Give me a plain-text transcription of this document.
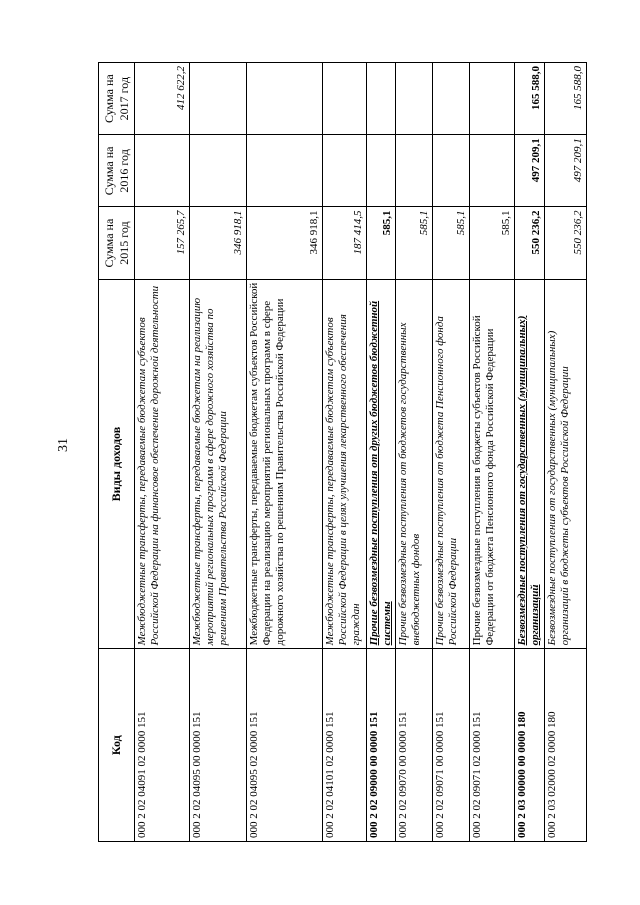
31
Код	Виды доходов	Сумма на 2015 год	Сумма на 2016 год	Сумма на 2017 год
000 2 02 04091 02 0000 151	Межбюджетные трансферты, передаваемые бюджетам субъектов Российской Федерации на финансовое обеспечение дорожной деятельности	157 265,7		412 622,2
000 2 02 04095 00 0000 151	Межбюджетные трансферты, передаваемые бюджетам на реализацию мероприятий региональных программ в сфере дорожного хозяйства по решениям Правительства Российской Федерации	346 918,1		
000 2 02 04095 02 0000 151	Межбюджетные трансферты, передаваемые бюджетам субъектов Российской Федерации на реализацию мероприятий региональных программ в сфере дорожного хозяйства по решениям Правительства Российской Федерации	346 918,1		
000 2 02 04101 02 0000 151	Межбюджетные трансферты, передаваемые бюджетам субъектов Российской Федерации в целях улучшения лекарственного обеспечения граждан	187 414,5		
000 2 02 09000 00 0000 151	Прочие безвозмездные поступления от других бюджетов бюджетной системы	585,1		
000 2 02 09070 00 0000 151	Прочие безвозмездные поступления от бюджетов государственных внебюджетных фондов	585,1		
000 2 02 09071 00 0000 151	Прочие безвозмездные поступления от бюджета Пенсионного фонда Российской Федерации	585,1		
000 2 02 09071 02 0000 151	Прочие безвозмездные поступления в бюджеты субъектов Российской Федерации от бюджета Пенсионного фонда Российской Федерации	585,1		
000 2 03 00000 00 0000 180	Безвозмездные поступления от государственных (муниципальных) организаций	550 236,2	497 209,1	165 588,0
000 2 03 02000 02 0000 180	Безвозмездные поступления от государственных (муниципальных) организаций в бюджеты субъектов Российской Федерации	550 236,2	497 209,1	165 588,0
